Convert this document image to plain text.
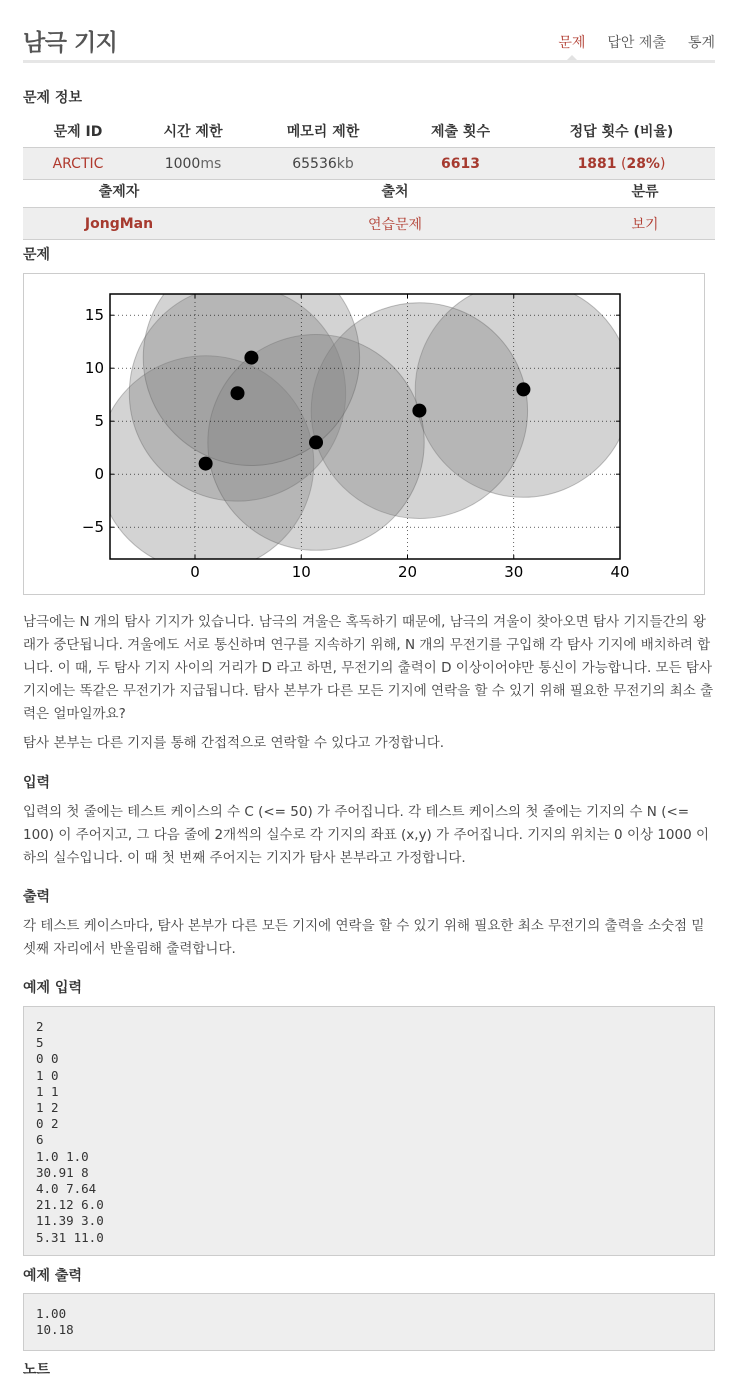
남극 기지	문제 답안 제출 통계
문제 정보
문제 ID	시간 제한	메모리 제한	제출 횟수	정답 횟수 (비율)
ARCTIC	1000ms	65536kb	6613	1881 (28%)
출제자	출처	분류
JongMan	연습문제	보기
문제
0	10	20	30	40
15
10
5
0
−5
남극에는 N 개의 탐사 기지가 있습니다. 남극의 겨울은 혹독하기 때문에, 남극의 겨울이 찾아오면 탐사 기지들간의 왕래가 중단됩니다. 겨울에도 서로 통신하며 연구를 지속하기 위해, N 개의 무전기를 구입해 각 탐사 기지에 배치하려 합니다. 이 때, 두 탐사 기지 사이의 거리가 D 라고 하면, 무전기의 출력이 D 이상이어야만 통신이 가능합니다. 모든 탐사 기지에는 똑같은 무전기가 지급됩니다. 탐사 본부가 다른 모든 기지에 연락을 할 수 있기 위해 필요한 무전기의 최소 출력은 얼마일까요?
탐사 본부는 다른 기지를 통해 간접적으로 연락할 수 있다고 가정합니다.
입력
입력의 첫 줄에는 테스트 케이스의 수 C (<= 50) 가 주어집니다. 각 테스트 케이스의 첫 줄에는 기지의 수 N (<= 100) 이 주어지고, 그 다음 줄에 2개씩의 실수로 각 기지의 좌표 (x,y) 가 주어집니다. 기지의 위치는 0 이상 1000 이하의 실수입니다. 이 때 첫 번째 주어지는 기지가 탐사 본부라고 가정합니다.
출력
각 테스트 케이스마다, 탐사 본부가 다른 모든 기지에 연락을 할 수 있기 위해 필요한 최소 무전기의 출력을 소숫점 밑 셋째 자리에서 반올림해 출력합니다.
예제 입력
2
5
0 0
1 0
1 1
1 2
0 2
6
1.0 1.0
30.91 8
4.0 7.64
21.12 6.0
11.39 3.0
5.31 11.0
예제 출력
1.00
10.18
노트
